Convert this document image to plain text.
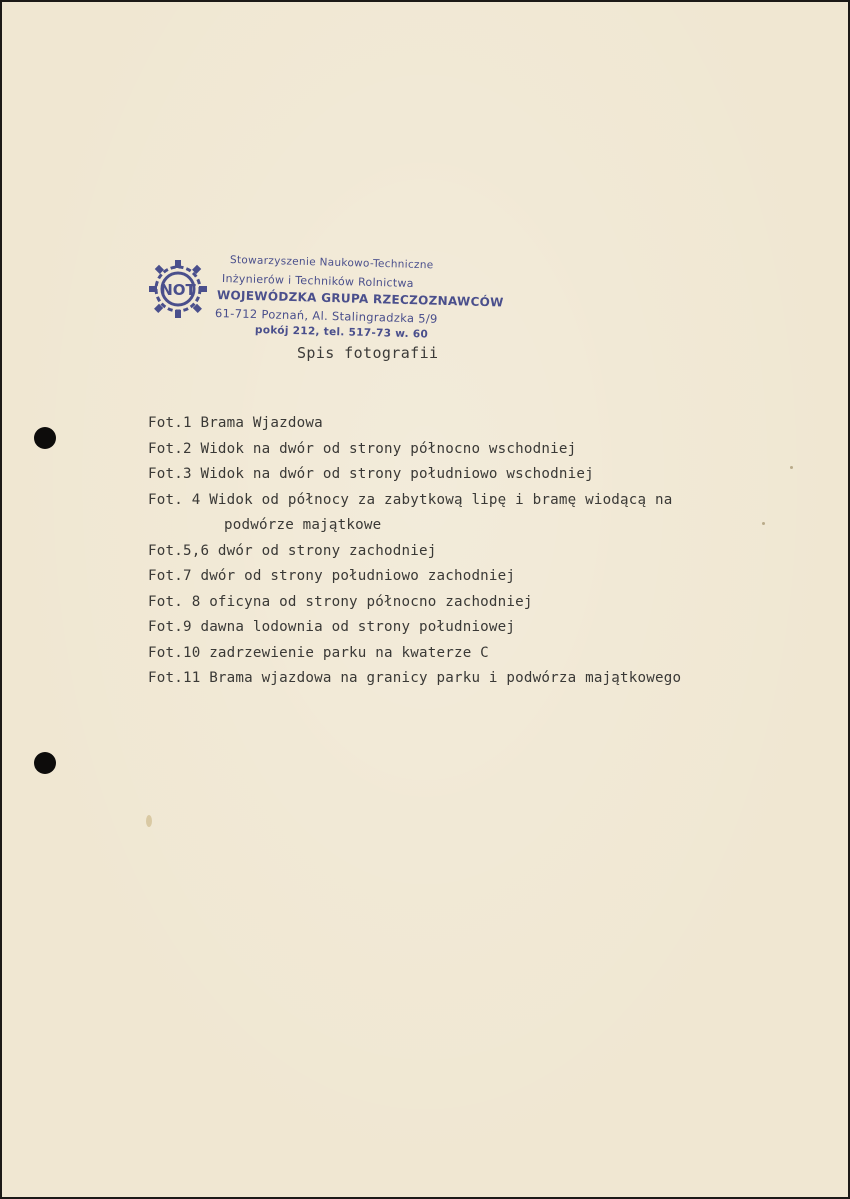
NOT
Stowarzyszenie Naukowo-Techniczne
Inżynierów i Techników Rolnictwa
WOJEWÓDZKA GRUPA RZECZOZNAWCÓW
61-712 Poznań, Al. Stalingradzka 5/9
pokój 212, tel. 517-73 w. 60
Spis fotografii
Fot.1 Brama Wjazdowa
Fot.2 Widok na dwór od strony północno wschodniej
Fot.3 Widok na dwór od strony południowo wschodniej
Fot. 4 Widok od północy za zabytkową lipę i bramę wiodącą na
podwórze majątkowe
Fot.5,6 dwór od strony zachodniej
Fot.7 dwór od strony południowo zachodniej
Fot. 8 oficyna od strony północno zachodniej
Fot.9 dawna lodownia od strony południowej
Fot.10 zadrzewienie parku na kwaterze C
Fot.11 Brama wjazdowa na granicy parku i podwórza majątkowego
